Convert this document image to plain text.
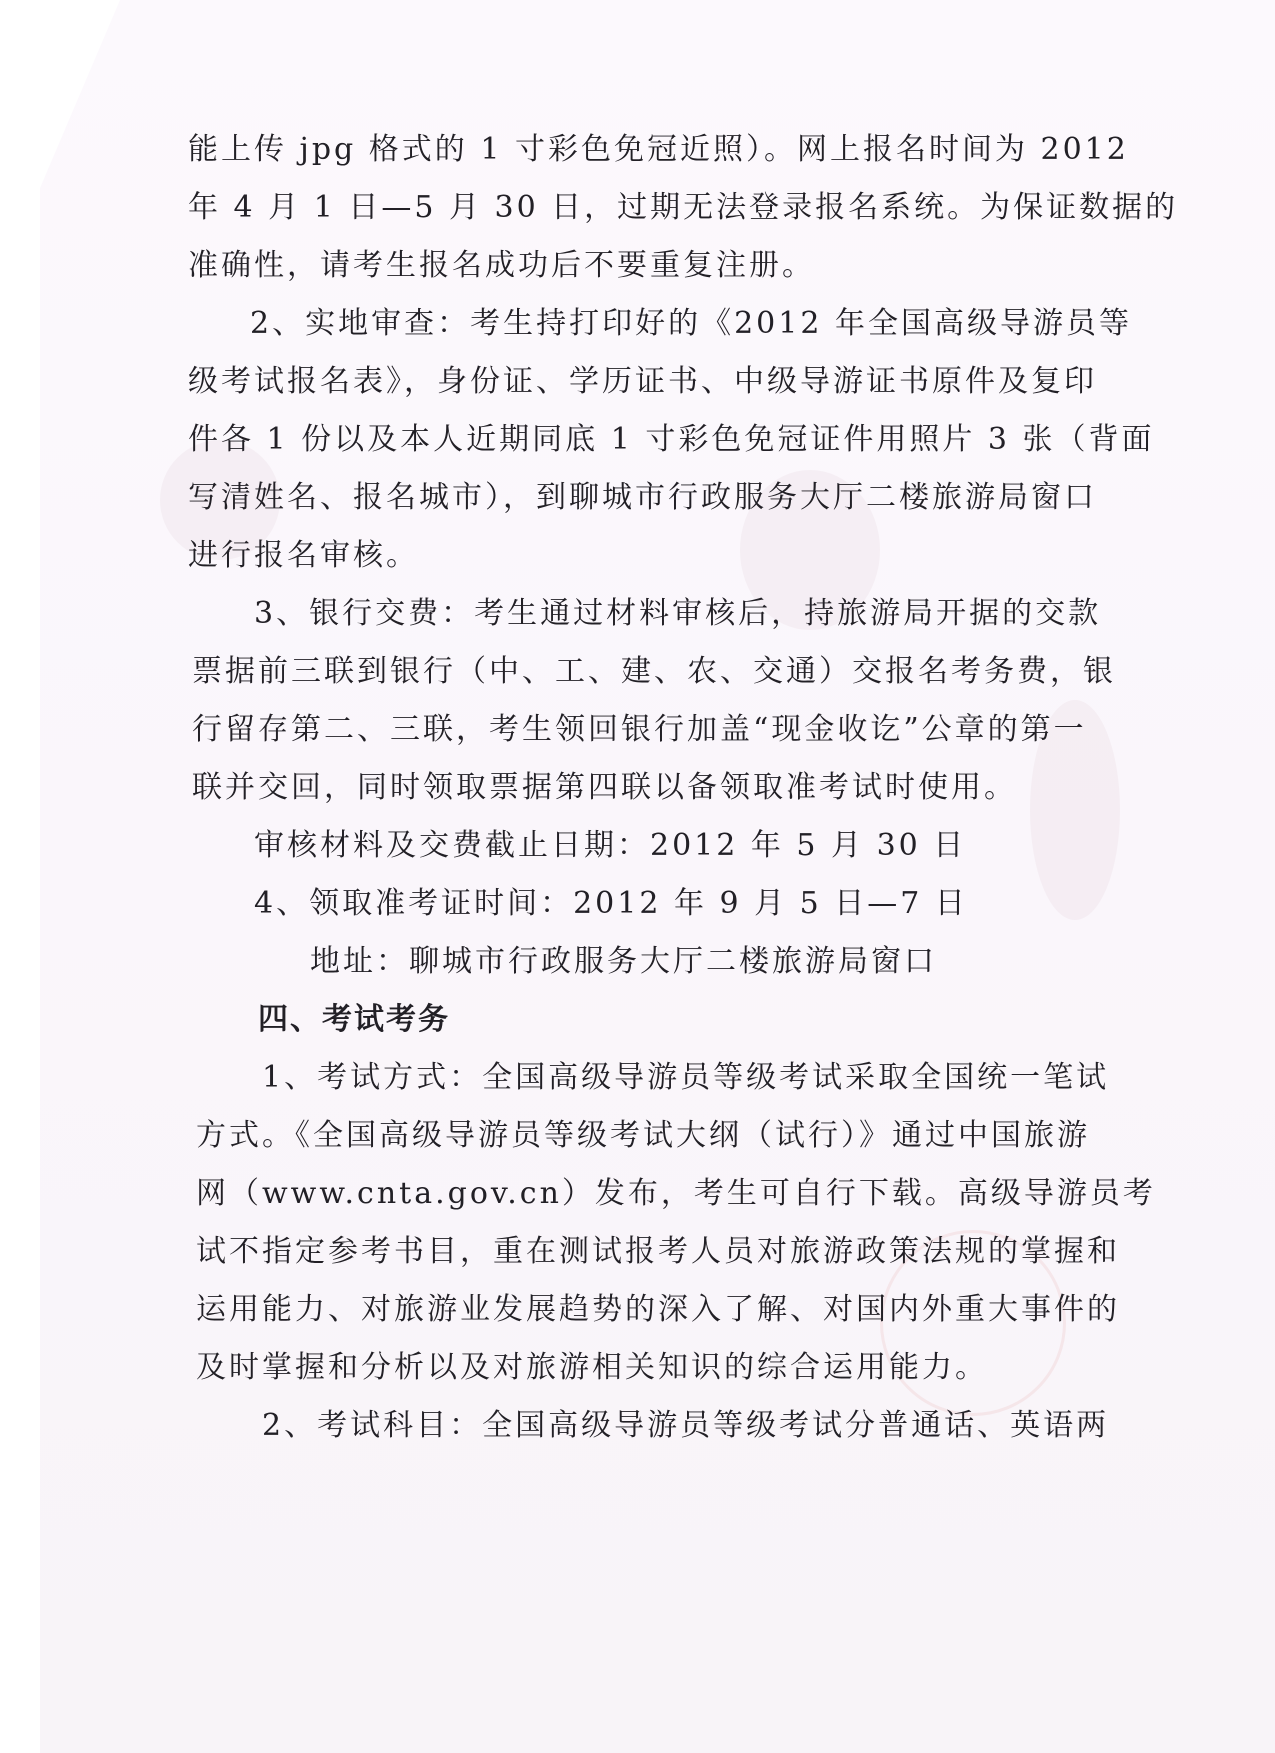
能上传 jpg 格式的 1 寸彩色免冠近照）。网上报名时间为 2012
年 4 月 1 日—5 月 30 日，过期无法登录报名系统。为保证数据的
准确性，请考生报名成功后不要重复注册。
2、实地审查：考生持打印好的《2012 年全国高级导游员等
级考试报名表》，身份证、学历证书、中级导游证书原件及复印
件各 1 份以及本人近期同底 1 寸彩色免冠证件用照片 3 张（背面
写清姓名、报名城市），到聊城市行政服务大厅二楼旅游局窗口
进行报名审核。
3、银行交费：考生通过材料审核后，持旅游局开据的交款
票据前三联到银行（中、工、建、农、交通）交报名考务费，银
行留存第二、三联，考生领回银行加盖“现金收讫”公章的第一
联并交回，同时领取票据第四联以备领取准考试时使用。
审核材料及交费截止日期：2012 年 5 月 30 日
4、领取准考证时间：2012 年 9 月 5 日—7 日
地址：聊城市行政服务大厅二楼旅游局窗口
四、考试考务
1、考试方式：全国高级导游员等级考试采取全国统一笔试
方式。《全国高级导游员等级考试大纲（试行）》通过中国旅游
网（www.cnta.gov.cn）发布，考生可自行下载。高级导游员考
试不指定参考书目，重在测试报考人员对旅游政策法规的掌握和
运用能力、对旅游业发展趋势的深入了解、对国内外重大事件的
及时掌握和分析以及对旅游相关知识的综合运用能力。
2、考试科目：全国高级导游员等级考试分普通话、英语两
